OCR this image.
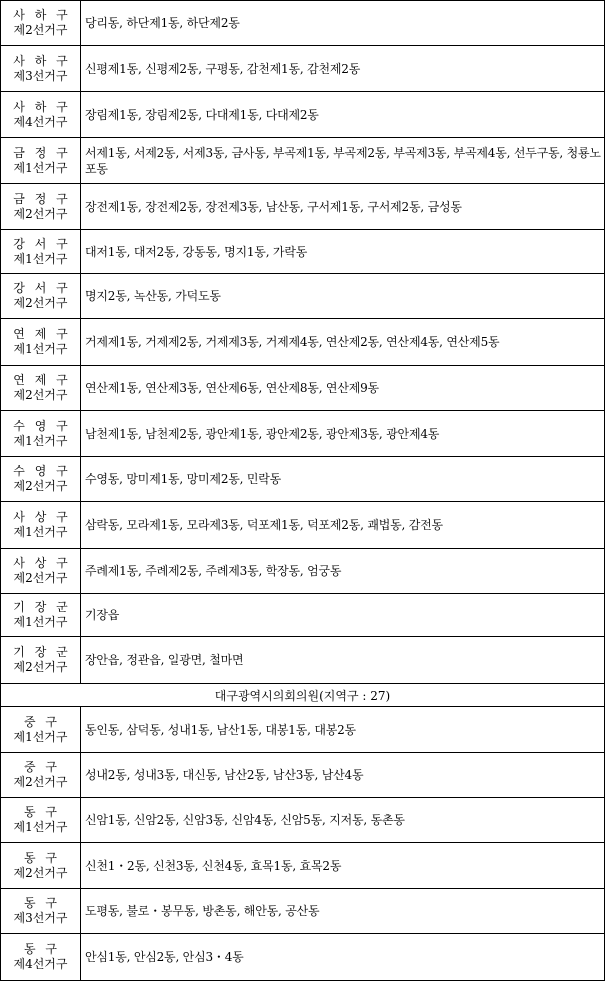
사 하 구
제2선거구	당리동, 하단제1동, 하단제2동

사 하 구
제3선거구	신평제1동, 신평제2동, 구평동, 감천제1동, 감천제2동

사 하 구
제4선거구	장림제1동, 장림제2동, 다대제1동, 다대제2동

금 정 구
제1선거구	서제1동, 서제2동, 서제3동, 금사동, 부곡제1동, 부곡제2동, 부곡제3동, 부곡제4동, 선두구동, 청룡노포동

금 정 구
제2선거구	장전제1동, 장전제2동, 장전제3동, 남산동, 구서제1동, 구서제2동, 금성동

강 서 구
제1선거구	대저1동, 대저2동, 강동동, 명지1동, 가락동

강 서 구
제2선거구	명지2동, 녹산동, 가덕도동

연 제 구
제1선거구	거제제1동, 거제제2동, 거제제3동, 거제제4동, 연산제2동, 연산제4동, 연산제5동

연 제 구
제2선거구	연산제1동, 연산제3동, 연산제6동, 연산제8동, 연산제9동

수 영 구
제1선거구	남천제1동, 남천제2동, 광안제1동, 광안제2동, 광안제3동, 광안제4동

수 영 구
제2선거구	수영동, 망미제1동, 망미제2동, 민락동

사 상 구
제1선거구	삼락동, 모라제1동, 모라제3동, 덕포제1동, 덕포제2동, 괘법동, 감전동

사 상 구
제2선거구	주례제1동, 주례제2동, 주례제3동, 학장동, 엄궁동

기 장 군
제1선거구	기장읍

기 장 군
제2선거구	장안읍, 정관읍, 일광면, 철마면
대구광역시의회의원(지역구 : 27)	

중 구
제1선거구	동인동, 삼덕동, 성내1동, 남산1동, 대봉1동, 대봉2동

중 구
제2선거구	성내2동, 성내3동, 대신동, 남산2동, 남산3동, 남산4동

동 구
제1선거구	신암1동, 신암2동, 신암3동, 신암4동, 신암5동, 지저동, 동촌동

동 구
제2선거구	신천1・2동, 신천3동, 신천4동, 효목1동, 효목2동

동 구
제3선거구	도평동, 불로・봉무동, 방촌동, 해안동, 공산동

동 구
제4선거구	안심1동, 안심2동, 안심3・4동
